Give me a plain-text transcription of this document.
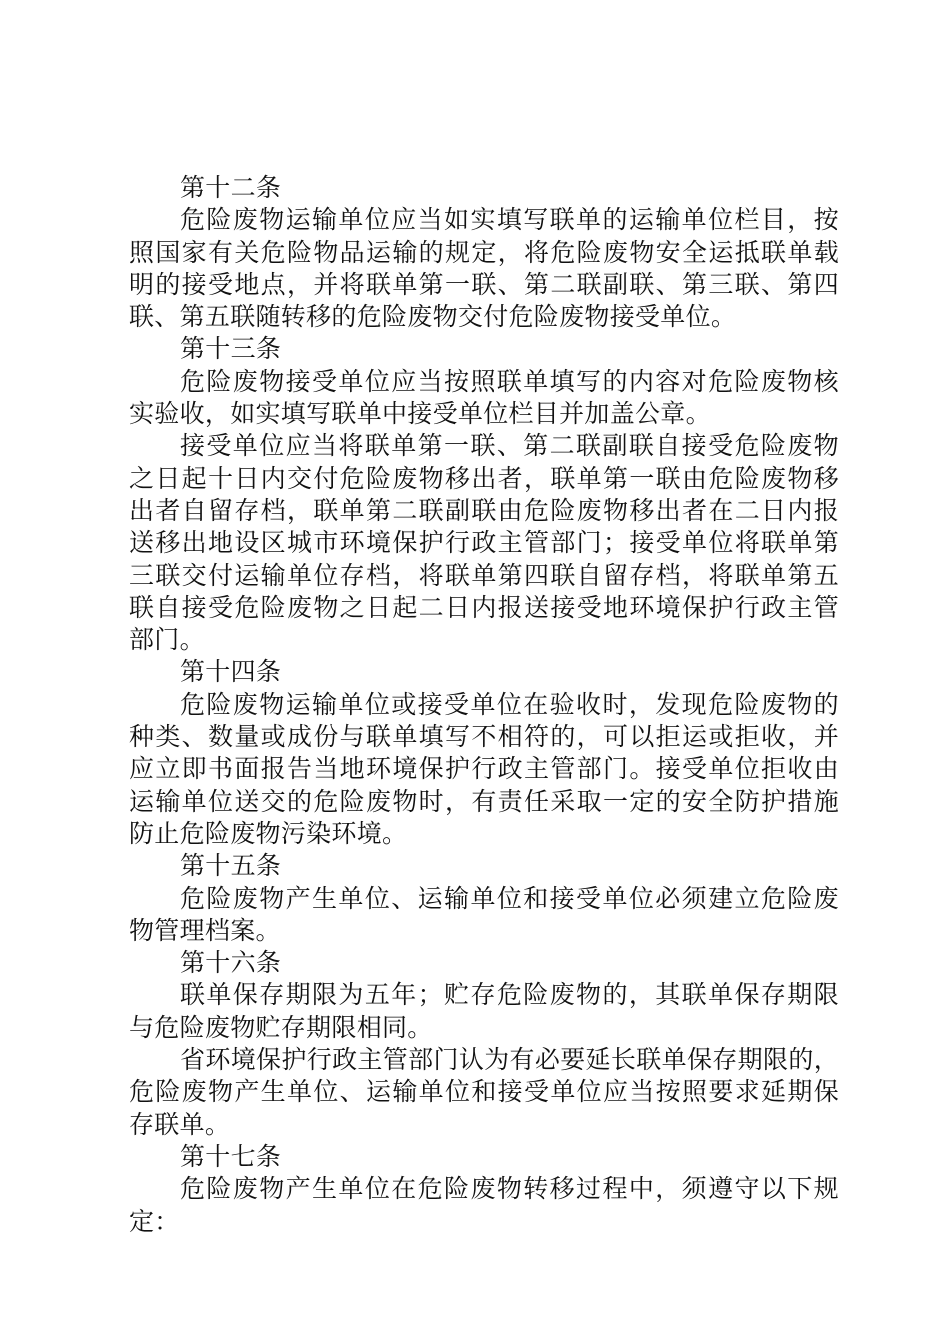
第十二条
危险废物运输单位应当如实填写联单的运输单位栏目，按
照国家有关危险物品运输的规定，将危险废物安全运抵联单载
明的接受地点，并将联单第一联、第二联副联、第三联、第四
联、第五联随转移的危险废物交付危险废物接受单位。
第十三条
危险废物接受单位应当按照联单填写的内容对危险废物核
实验收，如实填写联单中接受单位栏目并加盖公章。
接受单位应当将联单第一联、第二联副联自接受危险废物
之日起十日内交付危险废物移出者，联单第一联由危险废物移
出者自留存档，联单第二联副联由危险废物移出者在二日内报
送移出地设区城市环境保护行政主管部门；接受单位将联单第
三联交付运输单位存档，将联单第四联自留存档，将联单第五
联自接受危险废物之日起二日内报送接受地环境保护行政主管
部门。
第十四条
危险废物运输单位或接受单位在验收时，发现危险废物的
种类、数量或成份与联单填写不相符的，可以拒运或拒收，并
应立即书面报告当地环境保护行政主管部门。接受单位拒收由
运输单位送交的危险废物时，有责任采取一定的安全防护措施
防止危险废物污染环境。
第十五条
危险废物产生单位、运输单位和接受单位必须建立危险废
物管理档案。
第十六条
联单保存期限为五年；贮存危险废物的，其联单保存期限
与危险废物贮存期限相同。
省环境保护行政主管部门认为有必要延长联单保存期限的，
危险废物产生单位、运输单位和接受单位应当按照要求延期保
存联单。
第十七条
危险废物产生单位在危险废物转移过程中，须遵守以下规
定：
